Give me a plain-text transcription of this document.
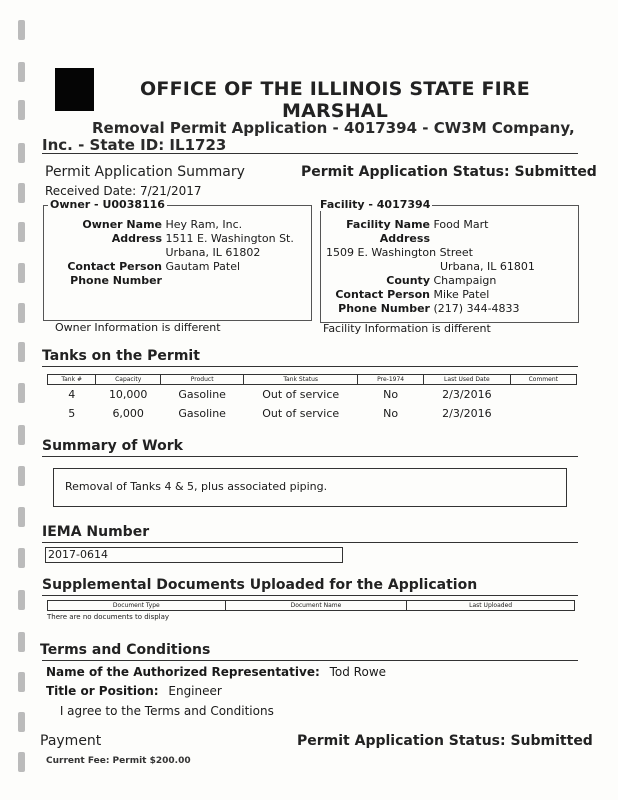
OFFICE OF THE ILLINOIS STATE FIRE MARSHAL
Removal Permit Application - 4017394 - CW3M Company,
Inc. - State ID: IL1723
Permit Application Summary	Permit Application Status: Submitted
Received Date: 7/21/2017
Owner - U0038116
Owner Name Hey Ram, Inc.
Address 1511 E. Washington St.
Urbana, IL 61802
Contact Person Gautam Patel
Phone Number
Owner Information is different
Facility - 4017394
Facility Name Food Mart
Address
1509 E. Washington Street
Urbana, IL 61801
County Champaign
Contact Person Mike Patel
Phone Number (217) 344-4833
Facility Information is different
Tanks on the Permit
Tank #	Capacity	Product	Tank Status	Pre-1974	Last Used Date	Comment
4	10,000	Gasoline	Out of service	No	2/3/2016	
5	6,000	Gasoline	Out of service	No	2/3/2016	
Summary of Work
Removal of Tanks 4 & 5, plus associated piping.
IEMA Number
2017-0614
Supplemental Documents Uploaded for the Application
Document Type	Document Name	Last Uploaded
There are no documents to display
Terms and Conditions
Name of the Authorized Representative: Tod Rowe
Title or Position: Engineer
I agree to the Terms and Conditions
Payment	Permit Application Status: Submitted
Current Fee: Permit $200.00
